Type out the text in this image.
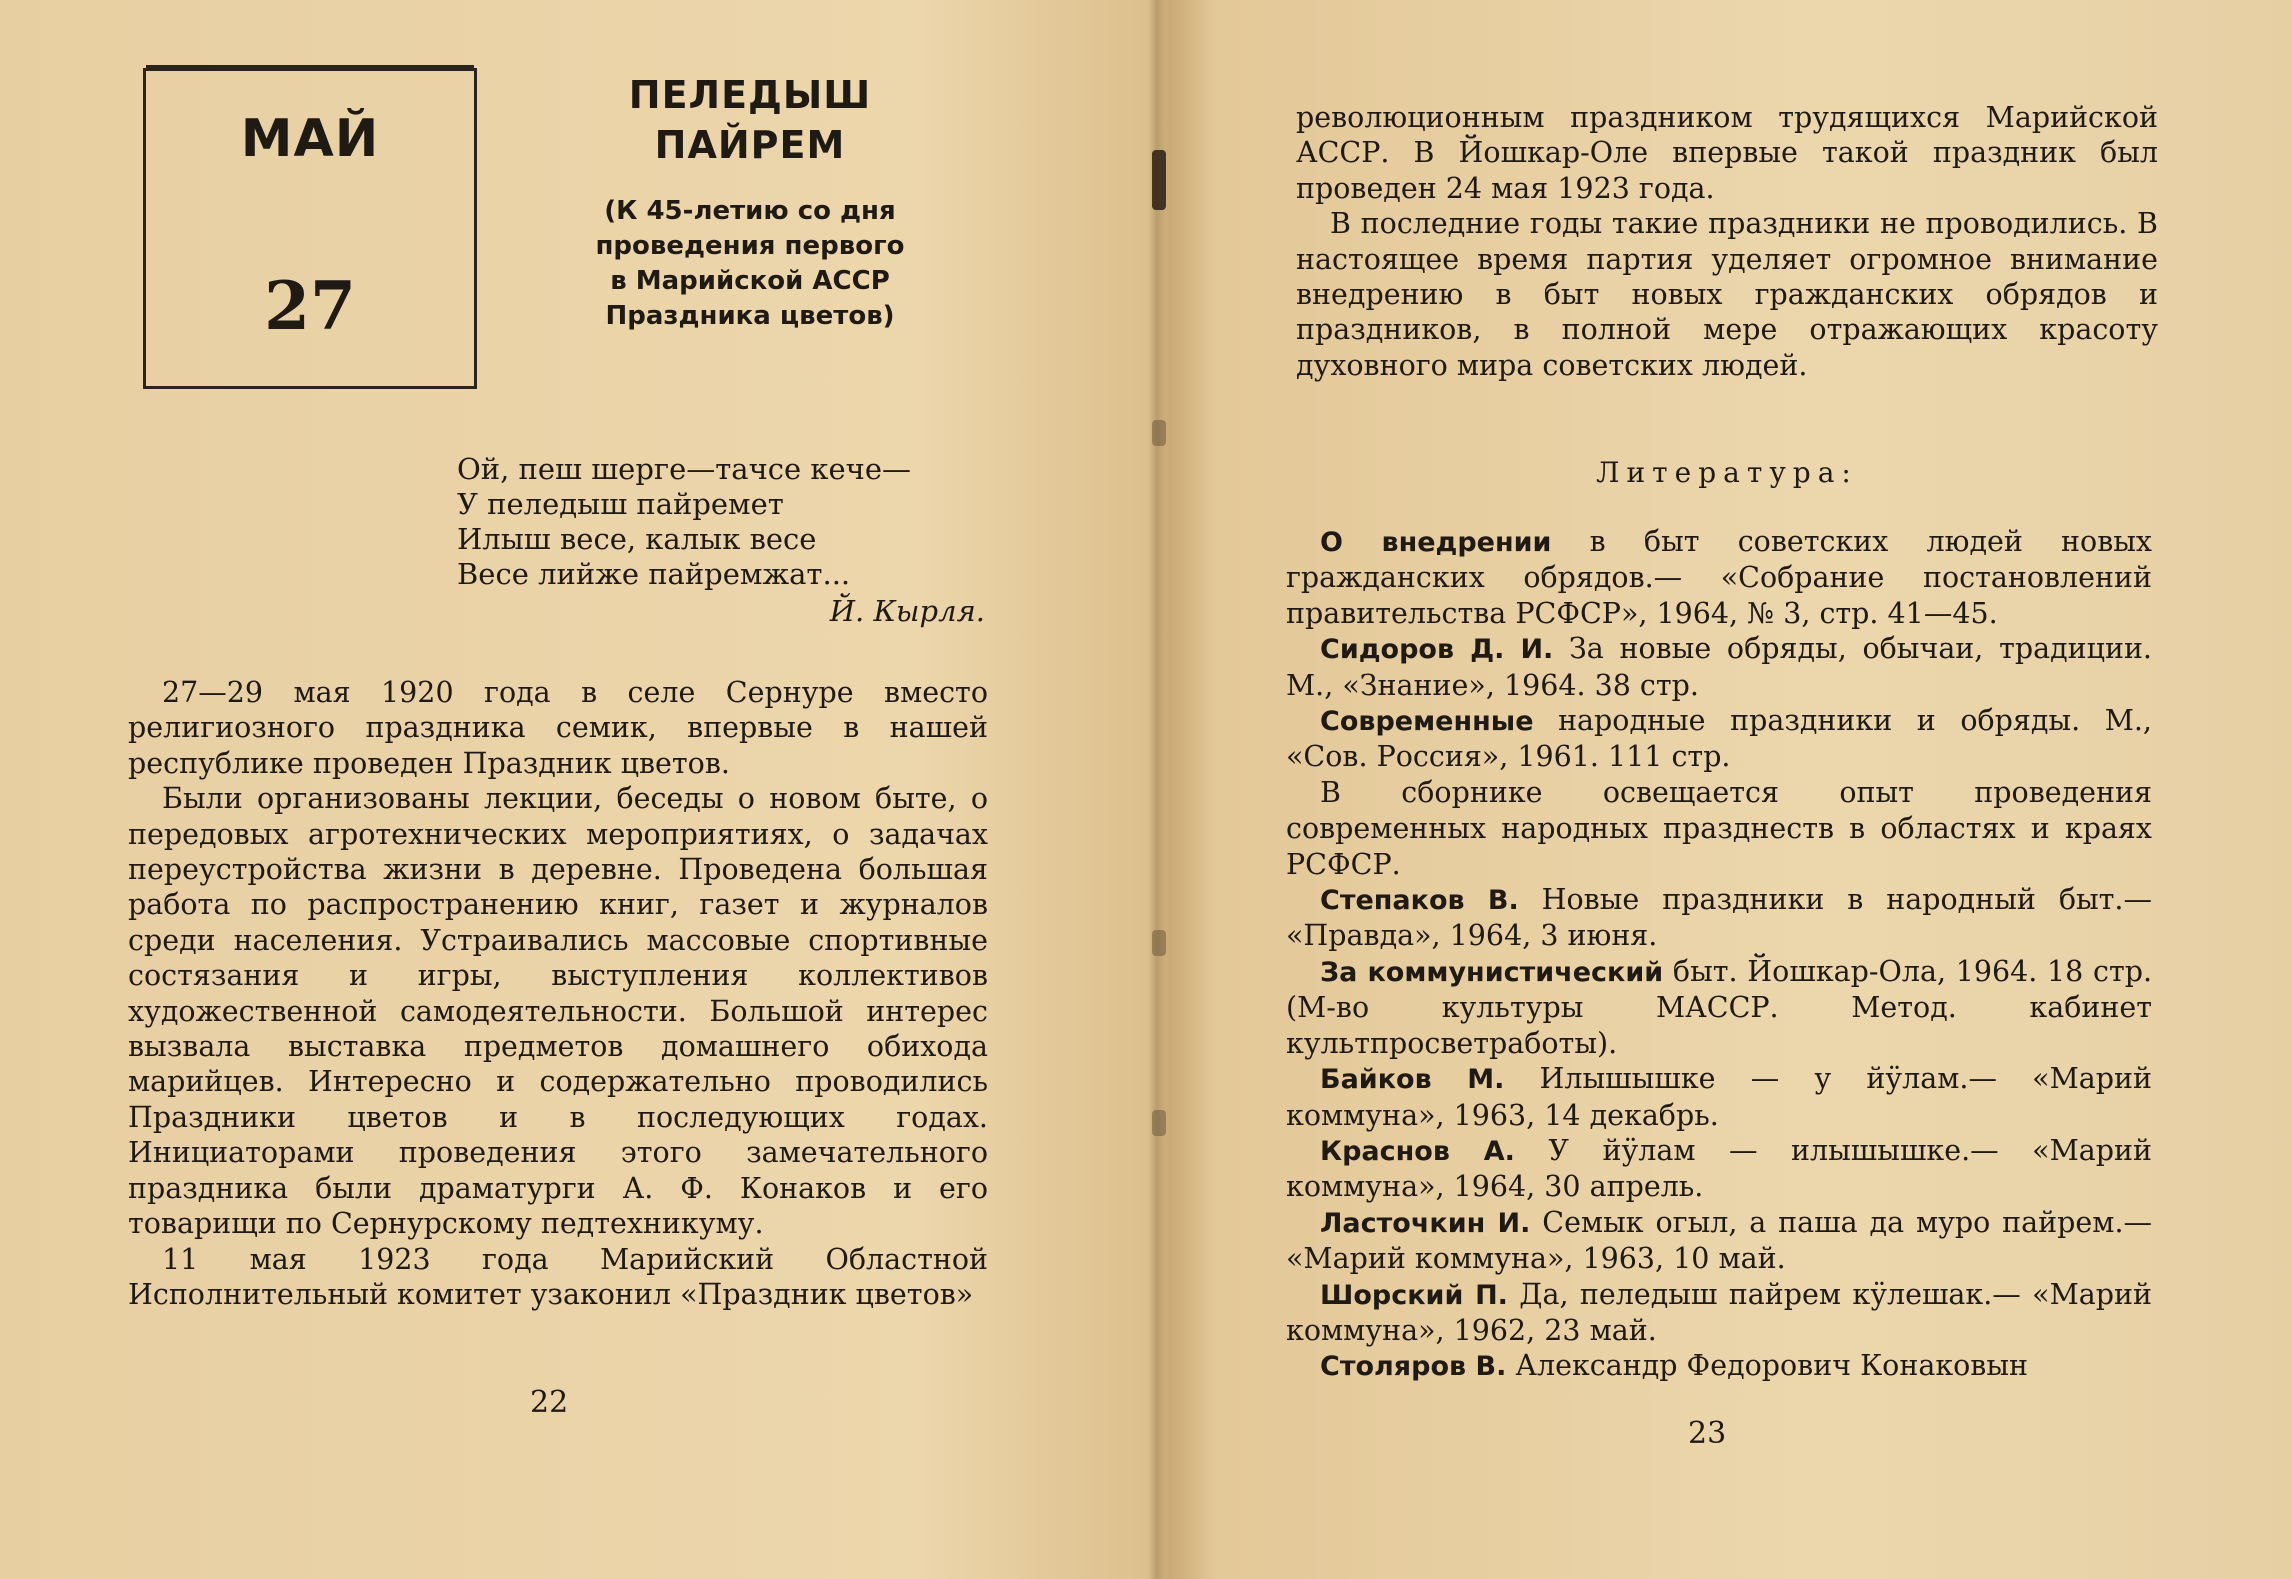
МАЙ
27
ПЕЛЕДЫШ
ПАЙРЕМ
(К 45-летию со дня
проведения первого
в Марийской АССР
Праздника цветов)
Ой, пеш шерге—тачсе кече—
У пеледыш пайремет
Илыш весе, калык весе
Весе лийже пайремжат...
Й. Кырля.

27—29 мая 1920 года в селе Сернуре вместо религиозного праздника семик, впервые в нашей республике проведен Праздник цветов.

Были организованы лекции, беседы о новом быте, о передовых агротехнических мероприятиях, о задачах переустройства жизни в деревне. Проведена большая работа по распространению книг, газет и журналов среди населения. Устраивались массовые спортивные состязания и игры, выступления коллективов художественной самодеятельности. Большой интерес вызвала выставка предметов домашнего обихода марийцев. Интересно и содержательно проводились Праздники цветов и в последующих годах. Инициаторами проведения этого замечательного праздника были драматурги А. Ф. Конаков и его товарищи по Сернурскому педтехникуму.

11 мая 1923 года Марийский Областной Исполнительный комитет узаконил «Праздник цветов»

22

революционным праздником трудящихся Марийской АССР. В Йошкар-Оле впервые такой праздник был проведен 24 мая 1923 года.

В последние годы такие праздники не проводились. В настоящее время партия уделяет огромное внимание внедрению в быт новых гражданских обрядов и праздников, в полной мере отражающих красоту духовного мира советских людей.

Литература:

О внедрении в быт советских людей новых гражданских обрядов.— «Собрание постановлений правительства РСФСР», 1964, № 3, стр. 41—45.

Сидоров Д. И. За новые обряды, обычаи, традиции. М., «Знание», 1964. 38 стр.

Современные народные праздники и обряды. М., «Сов. Россия», 1961. 111 стр.

В сборнике освещается опыт проведения современных народных празднеств в областях и краях РСФСР.

Степаков В. Новые праздники в народный быт.— «Правда», 1964, 3 июня.

За коммунистический быт. Йошкар-Ола, 1964. 18 стр. (М-во культуры МАССР. Метод. кабинет культпросветработы).

Байков М. Илышышке — у йӱлам.— «Марий коммуна», 1963, 14 декабрь.

Краснов А. У йӱлам — илышышке.— «Марий коммуна», 1964, 30 апрель.

Ласточкин И. Семык огыл, а паша да муро пайрем.— «Марий коммуна», 1963, 10 май.

Шорский П. Да, пеледыш пайрем кӱлешак.— «Марий коммуна», 1962, 23 май.

Столяров В. Александр Федорович Конаковын

23
